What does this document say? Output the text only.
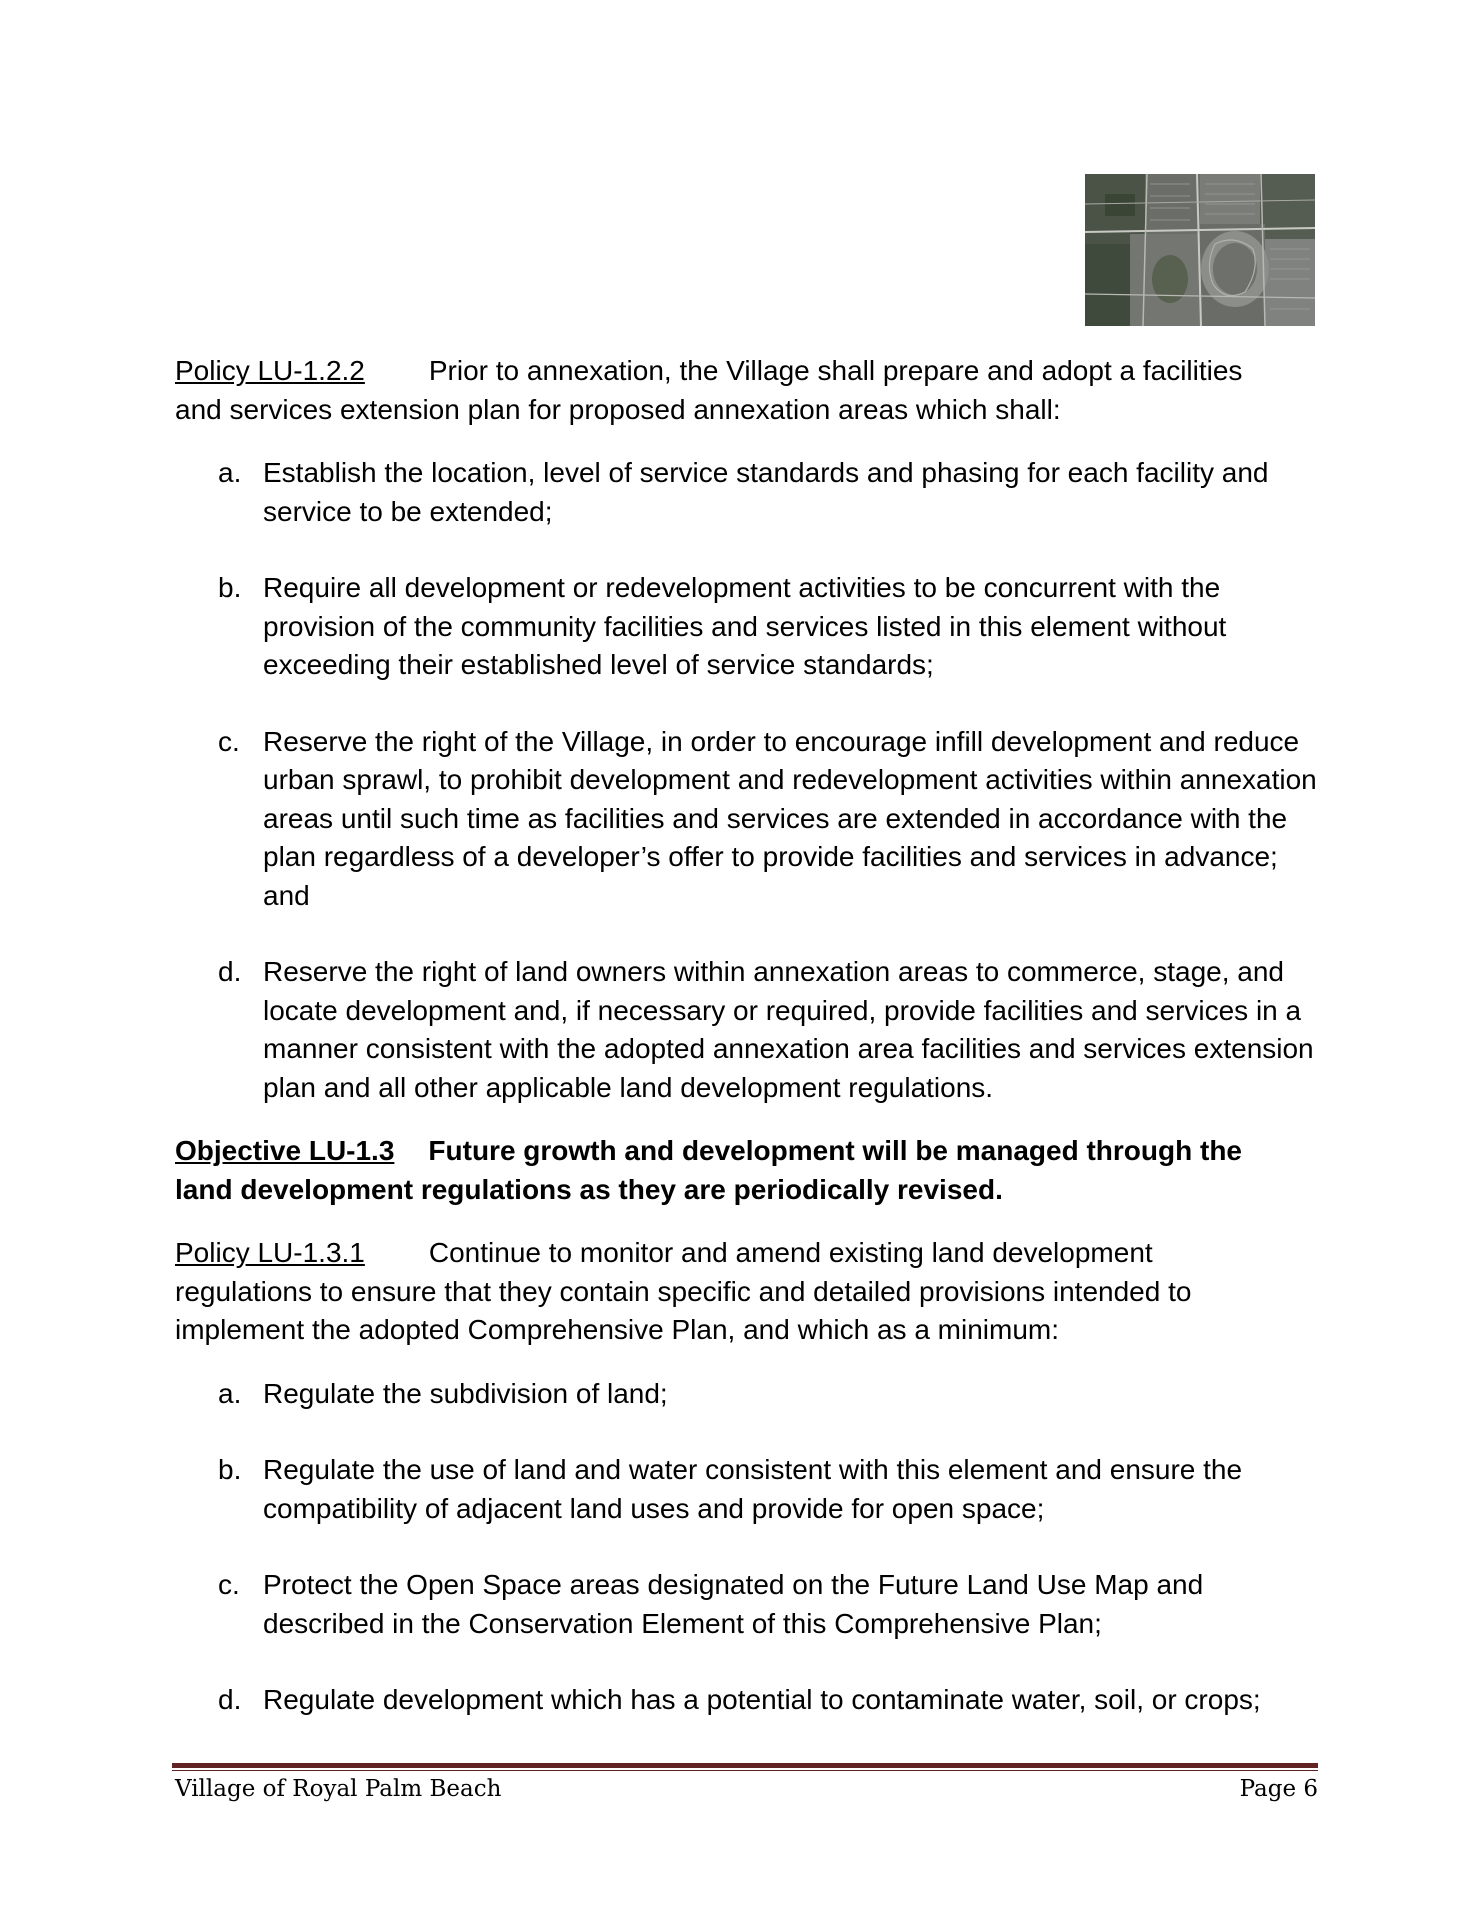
Policy LU-1.2.2 Prior to annexation, the Village shall prepare and adopt a facilities

and services extension plan for proposed annexation areas which shall:

a. Establish the location, level of service standards and phasing for each facility and service to be extended;
b. Require all development or redevelopment activities to be concurrent with the provision of the community facilities and services listed in this element without exceeding their established level of service standards;
c. Reserve the right of the Village, in order to encourage infill development and reduce urban sprawl, to prohibit development and redevelopment activities within annexation areas until such time as facilities and services are extended in accordance with the plan regardless of a developer’s offer to provide facilities and services in advance; and
d. Reserve the right of land owners within annexation areas to commerce, stage, and locate development and, if necessary or required, provide facilities and services in a manner consistent with the adopted annexation area facilities and services extension plan and all other applicable land development regulations.

Objective LU-1.3 Future growth and development will be managed through the

land development regulations as they are periodically revised.

Policy LU-1.3.1 Continue to monitor and amend existing land development

regulations to ensure that they contain specific and detailed provisions intended to

implement the adopted Comprehensive Plan, and which as a minimum:

a. Regulate the subdivision of land;
b. Regulate the use of land and water consistent with this element and ensure the compatibility of adjacent land uses and provide for open space;
c. Protect the Open Space areas designated on the Future Land Use Map and described in the Conservation Element of this Comprehensive Plan;
d. Regulate development which has a potential to contaminate water, soil, or crops;
Village of Royal Palm Beach	Page 6
